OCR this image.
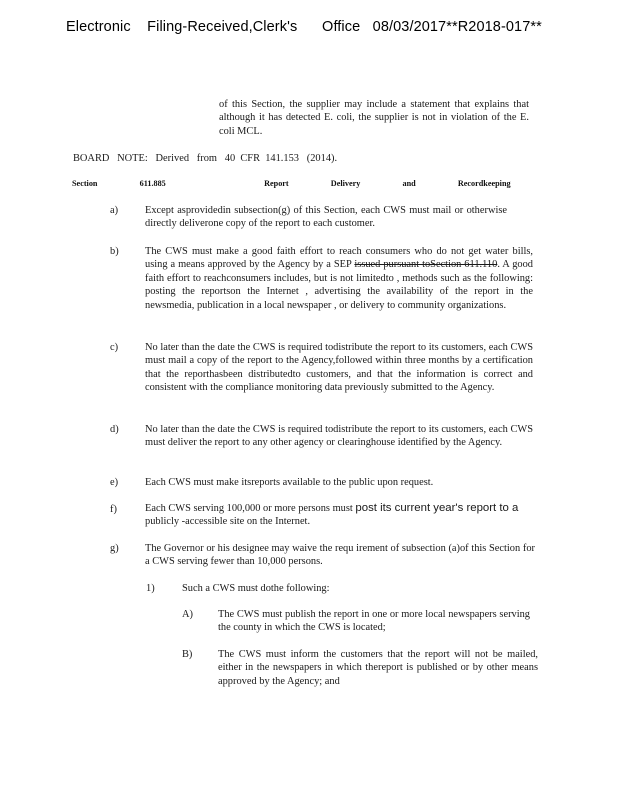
Electronic    Filing-Received,Clerk's      Office   08/03/2017**R2018-017**
of this Section, the supplier may include a statement that explains that although it has detected E. coli, the supplier is not in violation of the E. coli MCL.
BOARD   NOTE:   Derived   from   40  CFR  141.153   (2014).
Section   611.885	Report   Delivery   and   Recordkeeping
a)	Except asprovidedin subsection(g) of this Section, each CWS must mail or otherwise directly deliverone copy of the report to each customer.
b)	The CWS must make a good faith effort to reach consumers who do not get water bills, using a means approved by the Agency by a SEP issued pursuant toSection 611.110. A good faith effort to reachconsumers includes, but is not limitedto , methods such as the following: posting the reportson the Internet , advertising the availability of the report in the newsmedia, publication in a local newspaper , or delivery to community organizations.
c)	No later than the date the CWS is required todistribute the report to its customers, each CWS must mail a copy of the report to the Agency,followed within three months by a certification that the reporthasbeen distributedto customers, and that the information is correct and consistent with the compliance monitoring data previously submitted to the Agency.
d)	No later than the date the CWS is required todistribute the report to its customers, each CWS must deliver the report to any other agency or clearinghouse identified by the Agency.
e)	Each CWS must make itsreports available to the public upon request.
f)	Each CWS serving 100,000 or more persons must post its current year's report to a
publicly -accessible site on the Internet.
g)	The Governor or his designee may waive the requ irement of subsection (a)of this Section for a CWS serving fewer than 10,000 persons.
1)	Such a CWS must dothe following:
A) The CWS must publish the report in one or more local newspapers serving the county in which the CWS is located;
B) The CWS must inform the customers that the report will not be mailed, either in the newspapers in which thereport is published or by other means approved by the Agency; and
